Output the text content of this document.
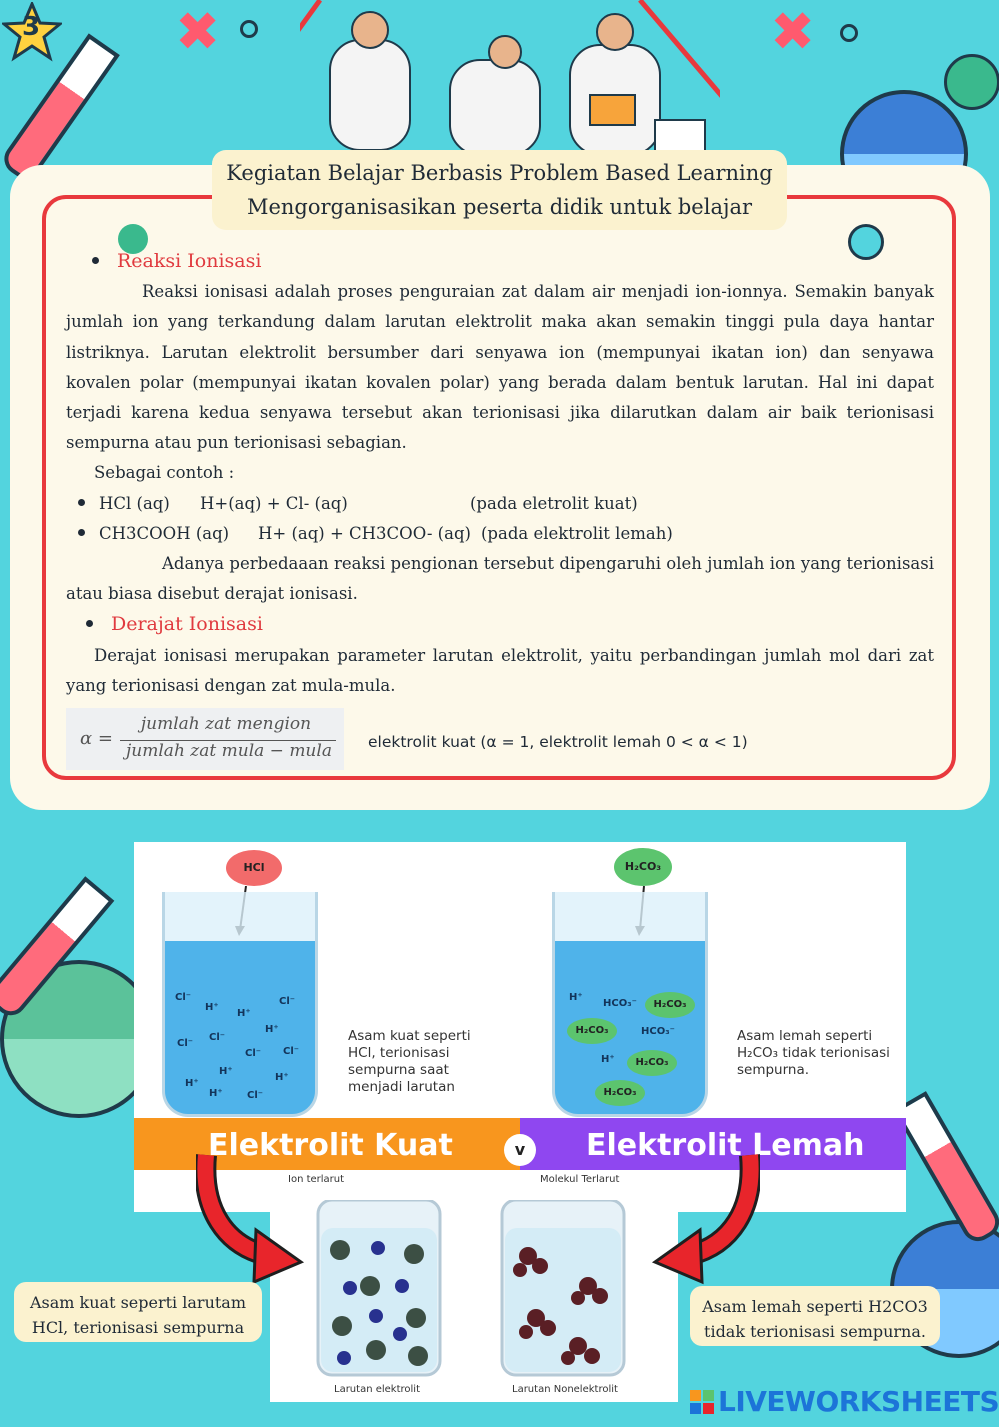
✖	✖
3
Kegiatan Belajar Berbasis Problem Based Learning
Mengorganisasikan peserta didik untuk belajar

Reaksi Ionisasi

Reaksi ionisasi adalah proses penguraian zat dalam air menjadi ion-ionnya. Semakin banyak jumlah ion yang terkandung dalam larutan elektrolit maka akan semakin tinggi pula daya hantar listriknya. Larutan elektrolit bersumber dari senyawa ion (mempunyai ikatan ion) dan senyawa kovalen polar (mempunyai ikatan kovalen polar) yang berada dalam bentuk larutan. Hal ini dapat terjadi karena kedua senyawa tersebut akan terionisasi jika dilarutkan dalam air baik terionisasi sempurna atau pun terionisasi sebagian.

Sebagai contoh :

HCl (aq) H+(aq) + Cl- (aq)	(pada eletrolit kuat)

CH3COOH (aq) H+ (aq) + CH3COO- (aq) (pada elektrolit lemah)

Adanya perbedaaan reaksi pengionan tersebut dipengaruhi oleh jumlah ion yang terionisasi atau biasa disebut derajat ionisasi.

Derajat Ionisasi

Derajat ionisasi merupakan parameter larutan elektrolit, yaitu perbandingan jumlah mol dari zat yang terionisasi dengan zat mula-mula.

α =
jumlah zat mengion
jumlah zat mula − mula	elektrolit kuat (α = 1, elektrolit lemah 0 < α < 1)
HCl	H₂CO₃
Cl⁻
H⁺
H⁺
Cl⁻
H⁺
Cl⁻
Cl⁻
Cl⁻ Cl⁻
H⁺
H⁺
H⁺
H⁺ Cl⁻
Asam kuat seperti HCl, terionisasi sempurna saat menjadi larutan
H⁺
HCO₃⁻	H₂CO₃
H₂CO₃	HCO₃⁻
H⁺	H₂CO₃
H₂CO₃
Asam lemah seperti H₂CO₃ tidak terionisasi sempurna.
Elektrolit Kuat	Elektrolit Lemah
v
Ion terlarut	Molekul Terlarut
Larutan elektrolit	Larutan Nonelektrolit
Asam kuat seperti larutam HCl, terionisasi sempurna
Asam lemah seperti H2CO3 tidak terionisasi sempurna.
LIVEWORKSHEETS
